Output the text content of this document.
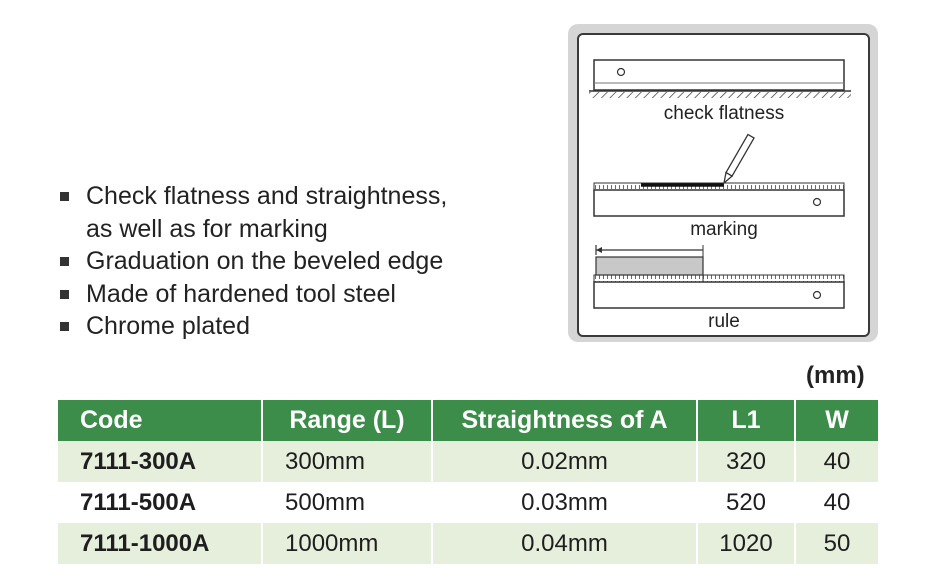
Check flatness and straightness,
as well as for marking
Graduation on the beveled edge
Made of hardened tool steel
Chrome plated
check flatness
marking
rule
(mm)
Code	Range (L)	Straightness of A	L1	W
7111-300A	300mm	0.02mm	320	40
7111-500A	500mm	0.03mm	520	40
7111-1000A	1000mm	0.04mm	1020	50
